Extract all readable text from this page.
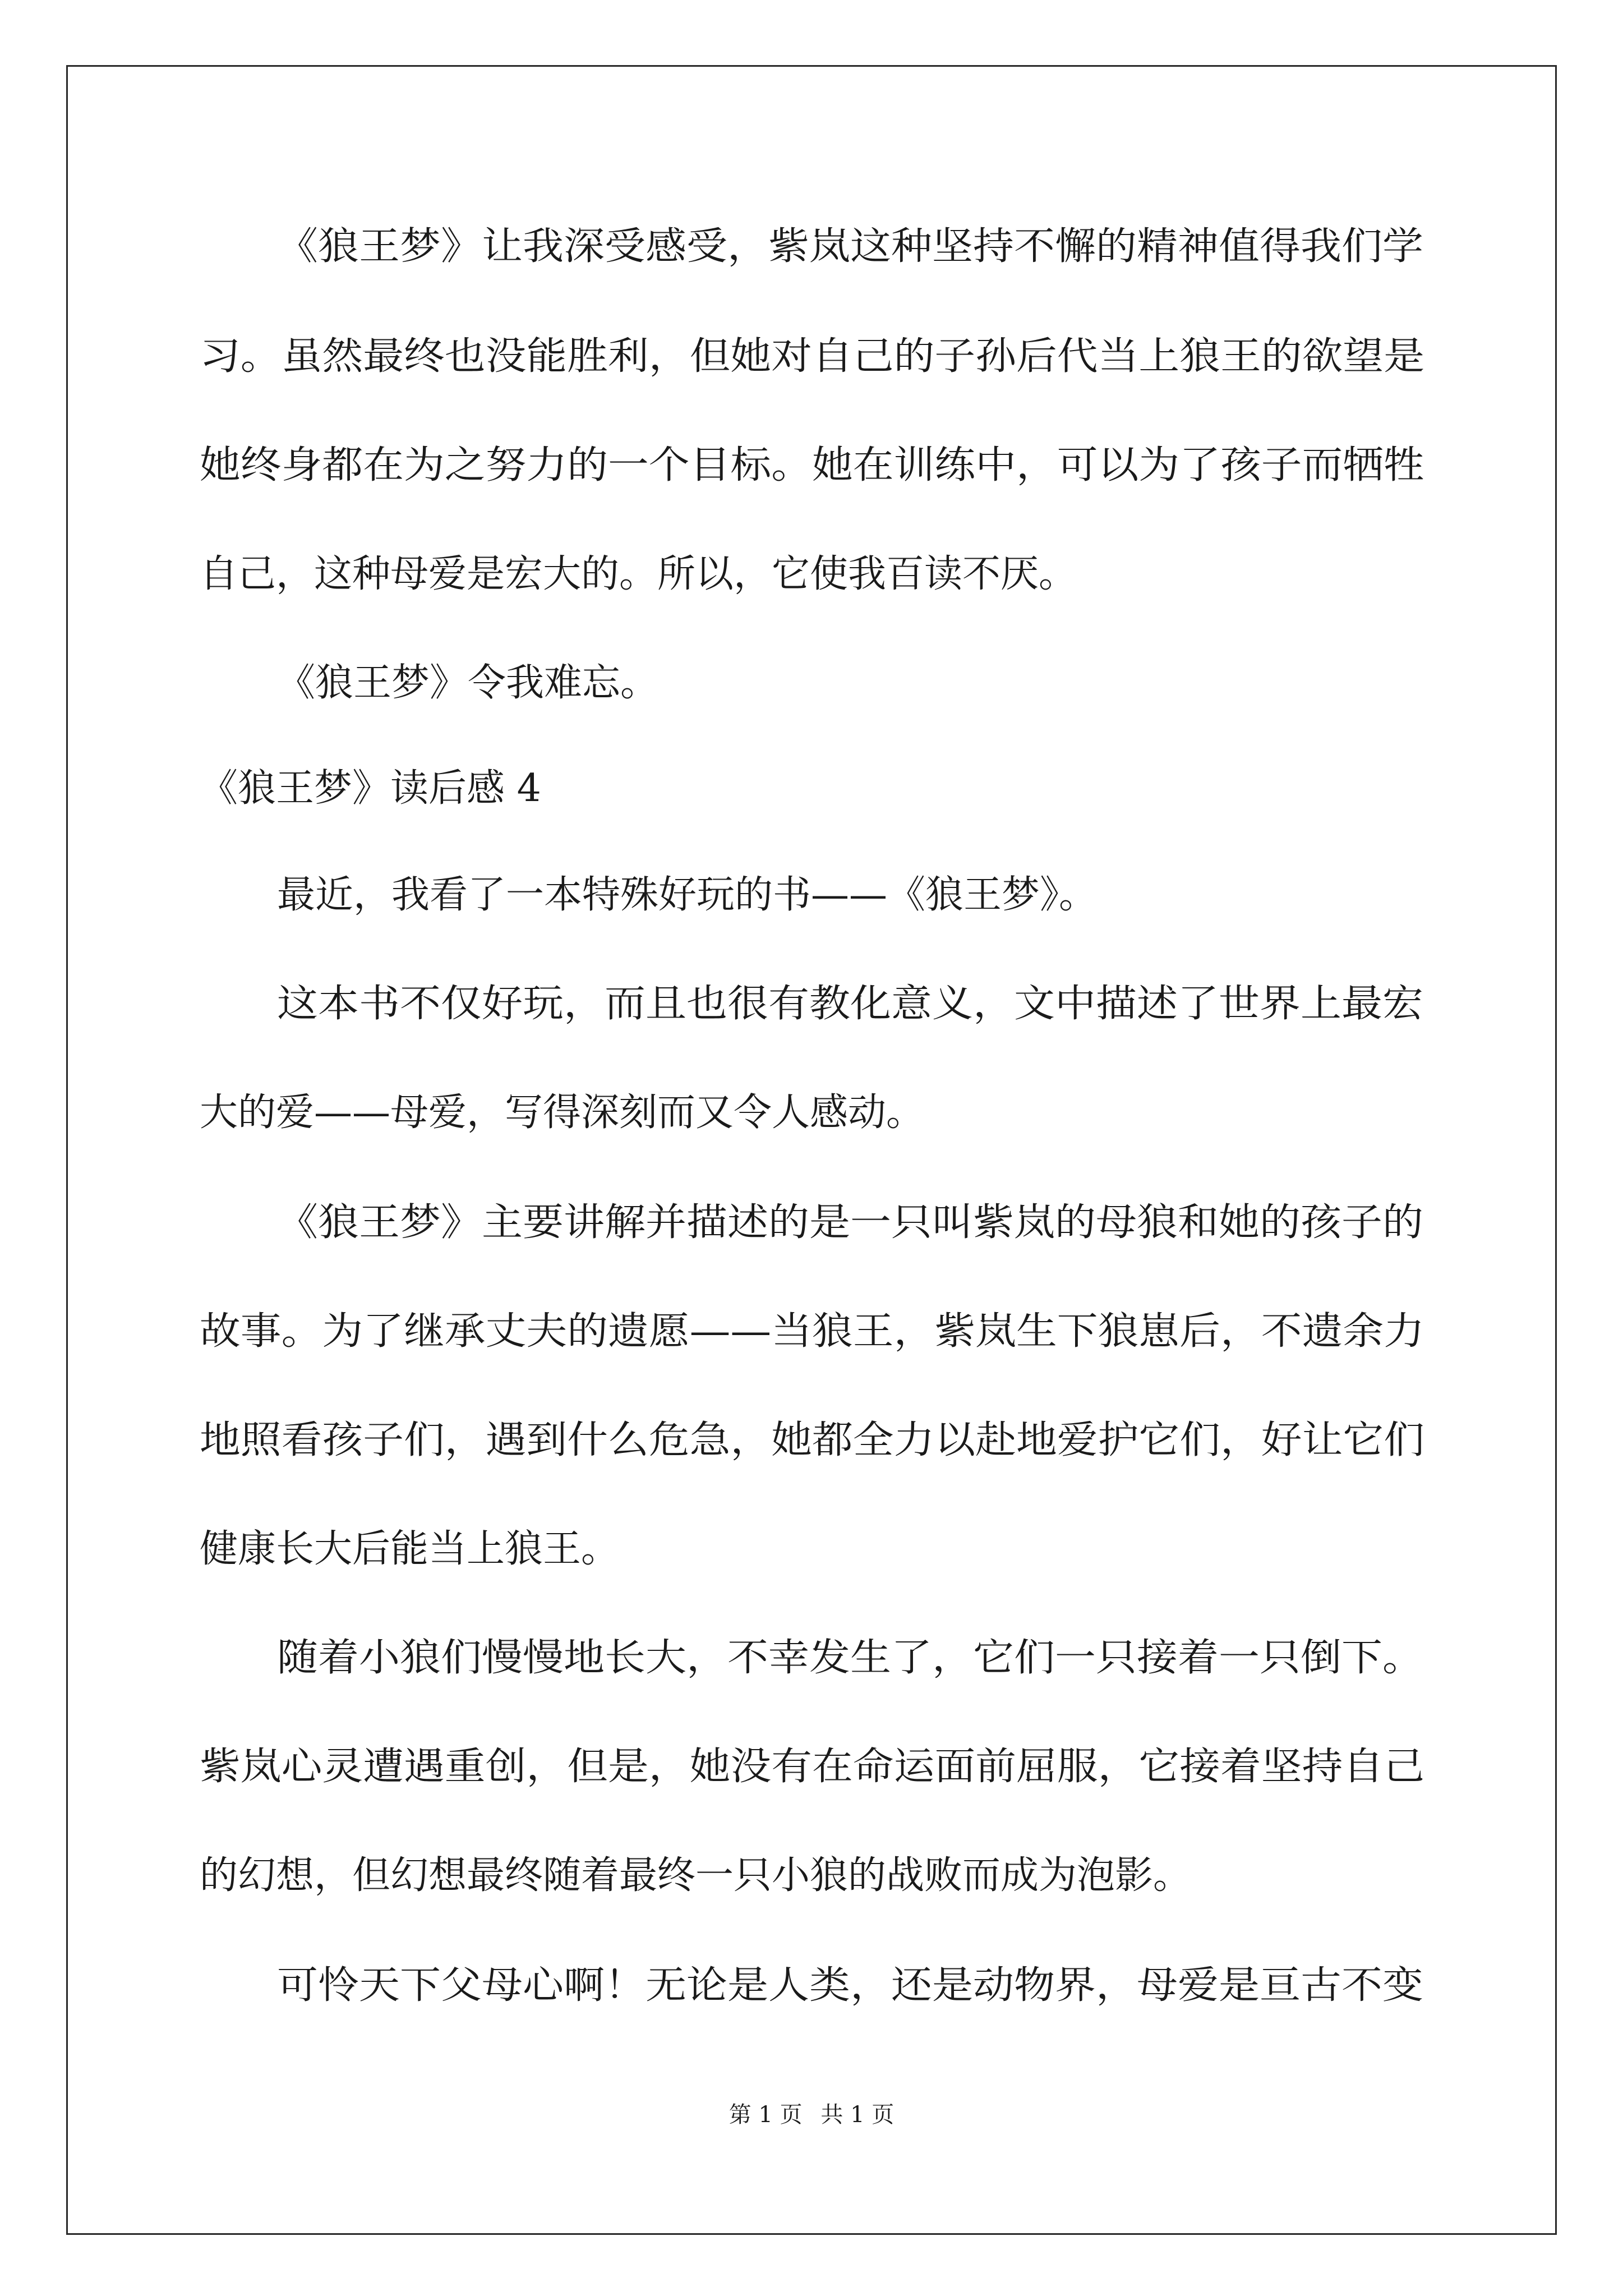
《狼王梦》让我深受感受，紫岚这种坚持不懈的精神值得我们学

习。虽然最终也没能胜利，但她对自己的子孙后代当上狼王的欲望是

她终身都在为之努力的一个目标。她在训练中，可以为了孩子而牺牲

自己，这种母爱是宏大的。所以，它使我百读不厌。

《狼王梦》令我难忘。

《狼王梦》读后感 4

最近，我看了一本特殊好玩的书——《狼王梦》。

这本书不仅好玩，而且也很有教化意义，文中描述了世界上最宏

大的爱——母爱，写得深刻而又令人感动。

《狼王梦》主要讲解并描述的是一只叫紫岚的母狼和她的孩子的

故事。为了继承丈夫的遗愿——当狼王，紫岚生下狼崽后，不遗余力

地照看孩子们，遇到什么危急，她都全力以赴地爱护它们，好让它们

健康长大后能当上狼王。

随着小狼们慢慢地长大，不幸发生了，它们一只接着一只倒下。

紫岚心灵遭遇重创，但是，她没有在命运面前屈服，它接着坚持自己

的幻想，但幻想最终随着最终一只小狼的战败而成为泡影。

可怜天下父母心啊！无论是人类，还是动物界，母爱是亘古不变

第 1 页 共 1 页
